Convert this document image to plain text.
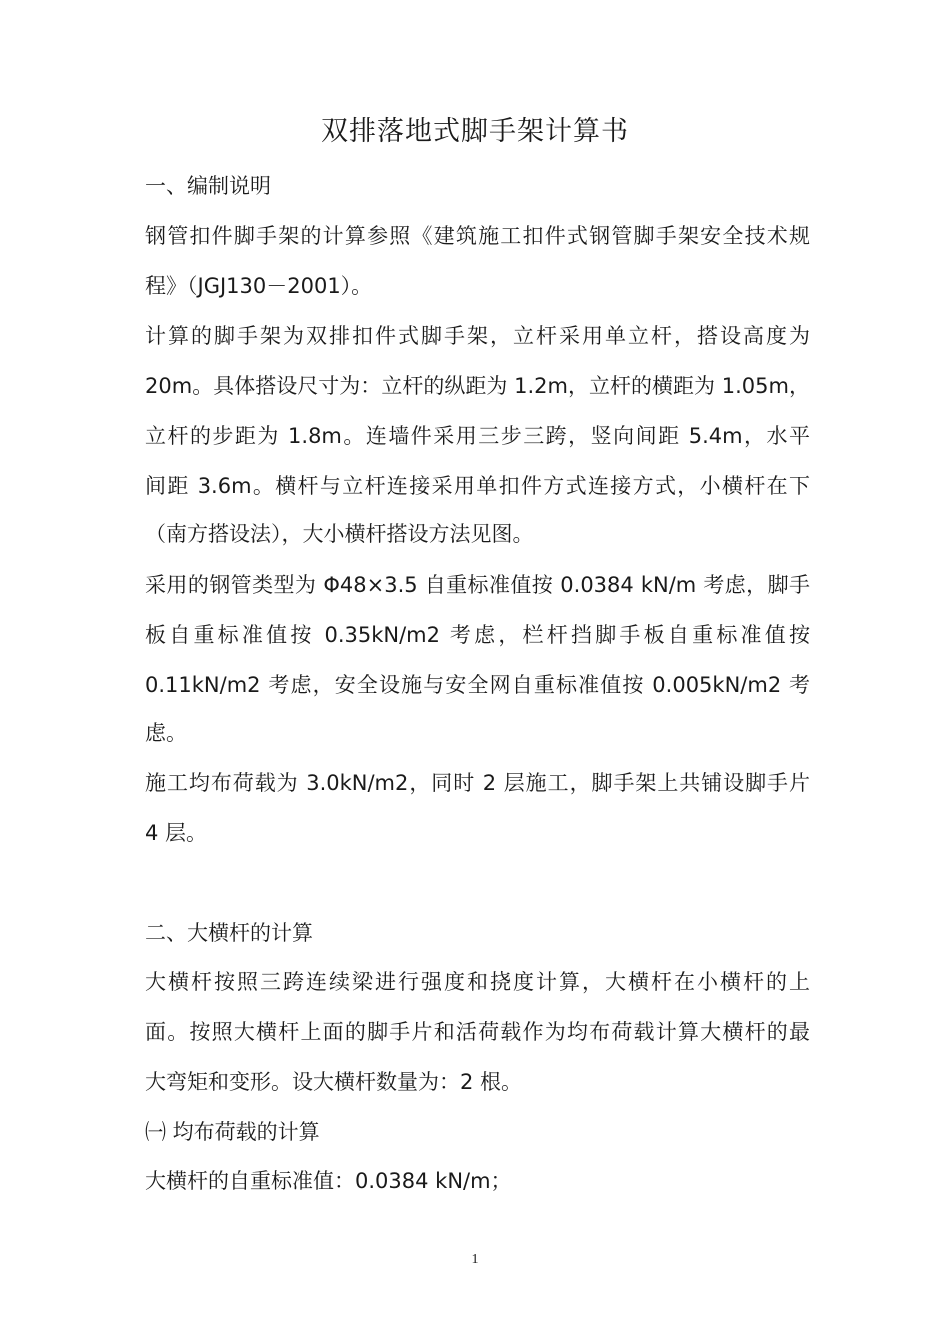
双排落地式脚手架计算书
一、编制说明
钢管扣件脚手架的计算参照《建筑施工扣件式钢管脚手架安全技术规
程》（JGJ130－2001）。
计算的脚手架为双排扣件式脚手架，立杆采用单立杆，搭设高度为
20m。具体搭设尺寸为：立杆的纵距为 1.2m，立杆的横距为 1.05m，
立杆的步距为 1.8m。连墙件采用三步三跨，竖向间距 5.4m，水平
间距 3.6m。横杆与立杆连接采用单扣件方式连接方式，小横杆在下
（南方搭设法），大小横杆搭设方法见图。
采用的钢管类型为 Φ48×3.5 自重标准值按 0.0384 kN/m 考虑，脚手
板自重标准值按 0.35kN/m2 考虑，栏杆挡脚手板自重标准值按
0.11kN/m2 考虑，安全设施与安全网自重标准值按 0.005kN/m2 考
虑。
施工均布荷载为 3.0kN/m2，同时 2 层施工，脚手架上共铺设脚手片
4 层。
二、大横杆的计算
大横杆按照三跨连续梁进行强度和挠度计算，大横杆在小横杆的上
面。按照大横杆上面的脚手片和活荷载作为均布荷载计算大横杆的最
大弯矩和变形。设大横杆数量为：2 根。
㈠ 均布荷载的计算
大横杆的自重标准值：0.0384 kN/m；
1
